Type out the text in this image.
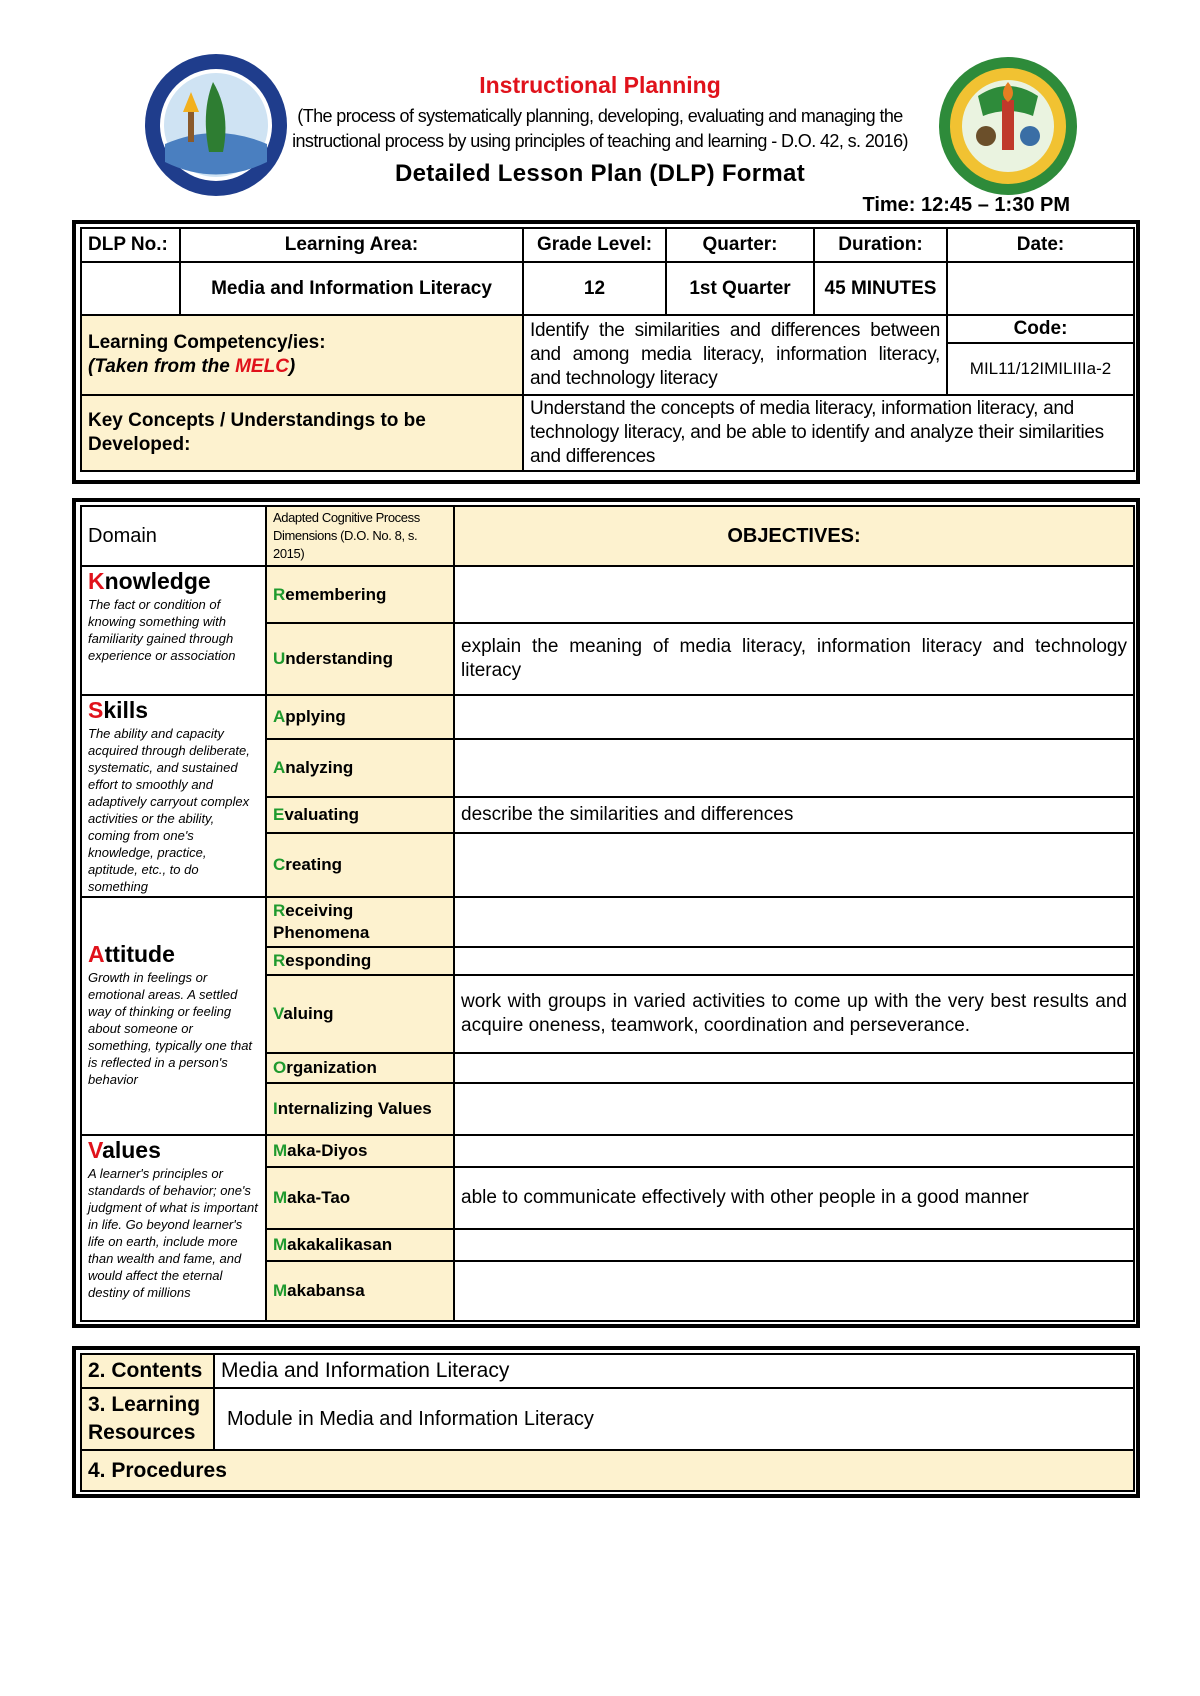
Instructional Planning
(The process of systematically planning, developing, evaluating and managing the
instructional process by using principles of teaching and learning - D.O. 42, s. 2016)
Detailed Lesson Plan (DLP) Format
Time: 12:45 – 1:30 PM
DLP No.:	Learning Area:	Grade Level:	Quarter:	Duration:	Date:
	Media and Information Literacy	12	1st Quarter	45 MINUTES	

Learning Competency/ies:
(Taken from the MELC)		Identify the similarities and differences between and among media literacy, information literacy, and technology literacy			Code:
					MIL11/12IMILIIIa-2
Key Concepts / Understandings to be Developed:		Understand the concepts of media literacy, information literacy, and technology literacy, and be able to identify and analyze their similarities and differences			
Domain	Adapted Cognitive Process Dimensions (D.O. No. 8, s. 2015)	OBJECTIVES:

Knowledge
The fact or condition of knowing something with familiarity gained through experience or association	Remembering	
	Understanding	explain the meaning of media literacy, information literacy and technology literacy

Skills
The ability and capacity acquired through deliberate, systematic, and sustained effort to smoothly and adaptively carryout complex activities or the ability, coming from one's knowledge, practice, aptitude, etc., to do something	Applying	
	Analyzing	
	Evaluating	describe the similarities and differences
	Creating	

Attitude
Growth in feelings or emotional areas. A settled way of thinking or feeling about someone or something, typically one that is reflected in a person's behavior	Receiving Phenomena	
	Responding	
	Valuing	work with groups in varied activities to come up with the very best results and acquire oneness, teamwork, coordination and perseverance.
	Organization	
	Internalizing Values	

Values
A learner's principles or standards of behavior; one's judgment of what is important in life. Go beyond learner's life on earth, include more than wealth and fame, and would affect the eternal destiny of millions	Maka-Diyos	
	Maka-Tao	able to communicate effectively with other people in a good manner
	Makakalikasan	
	Makabansa	
2. Contents	Media and Information Literacy
3. Learning Resources	Module in Media and Information Literacy
4. Procedures	
